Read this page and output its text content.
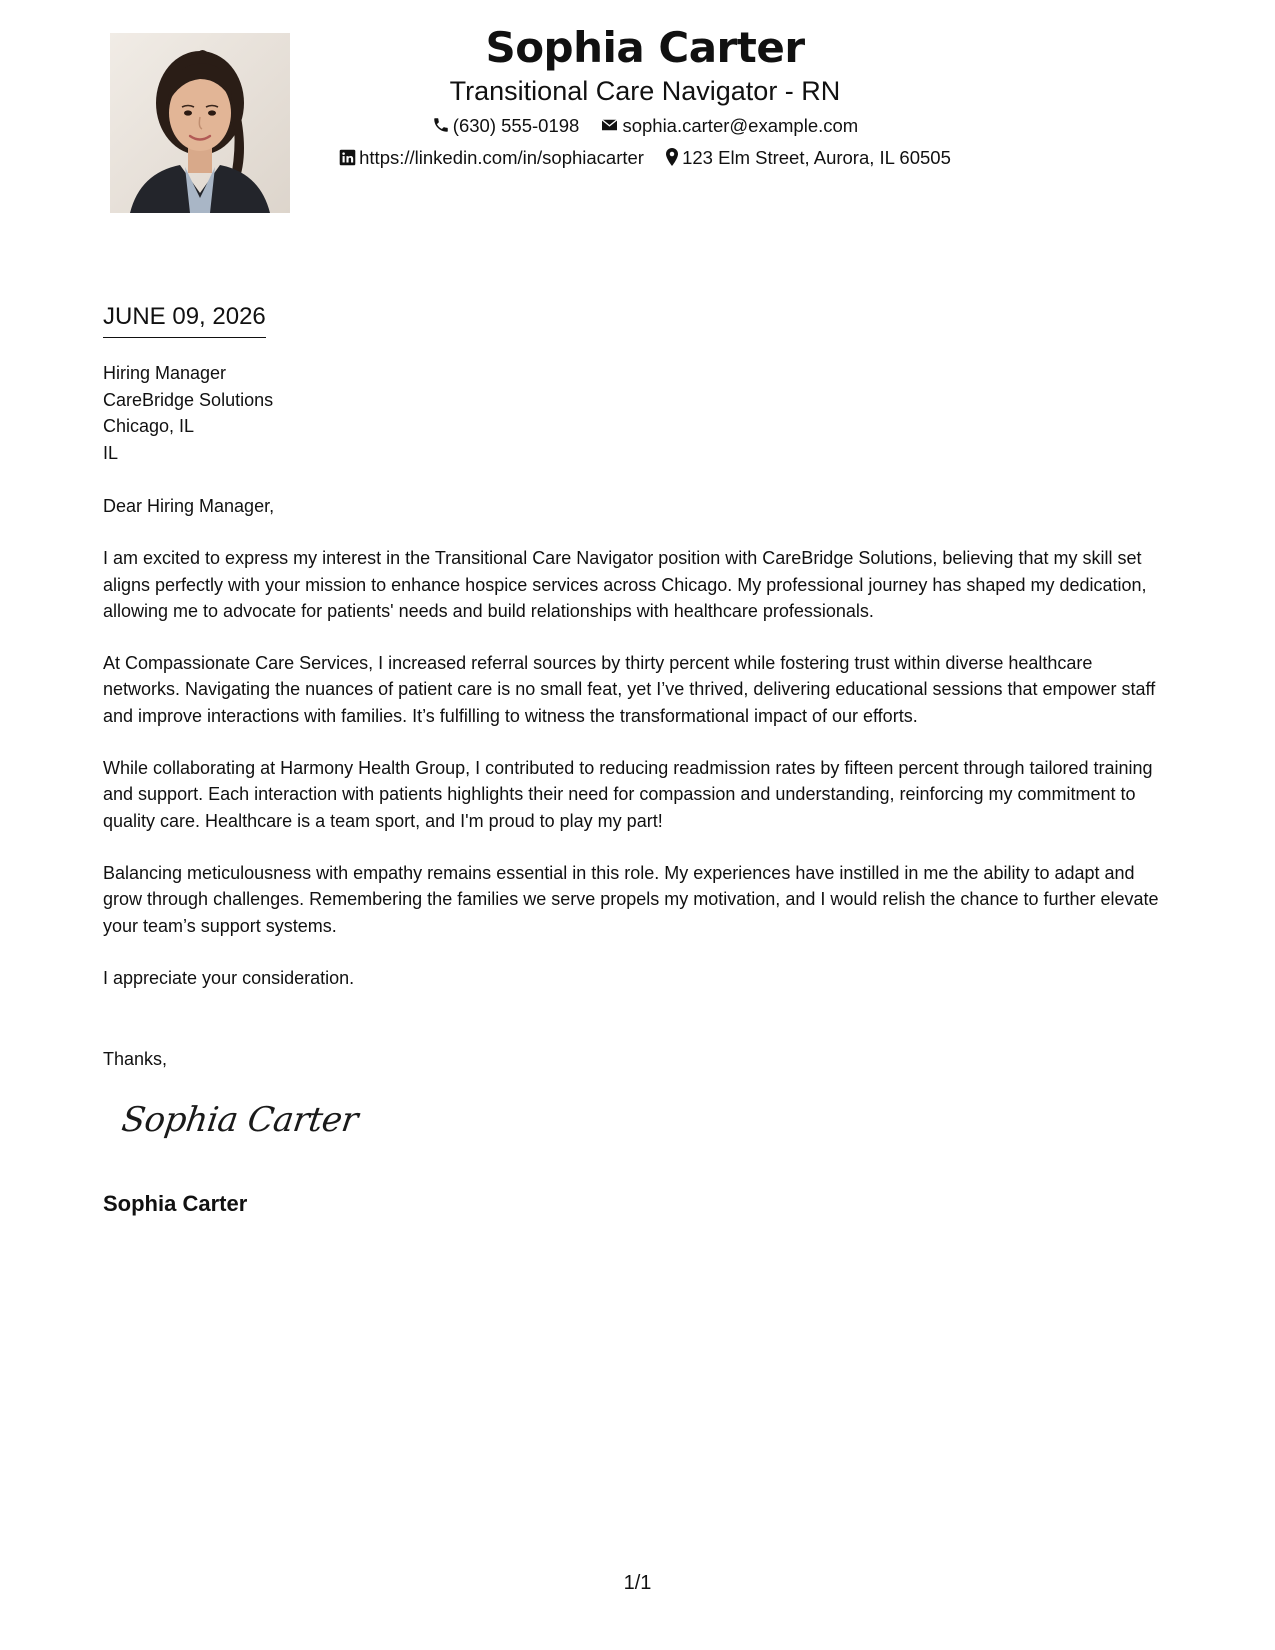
Sophia Carter
Transitional Care Navigator - RN
(630) 555-0198 sophia.carter@example.com
https://linkedin.com/in/sophiacarter 123 Elm Street, Aurora, IL 60505
JUNE 09, 2026
Hiring Manager
CareBridge Solutions
Chicago, IL
IL

Dear Hiring Manager,

I am excited to express my interest in the Transitional Care Navigator position with CareBridge Solutions, believing that my skill set aligns perfectly with your mission to enhance hospice services across Chicago. My professional journey has shaped my dedication, allowing me to advocate for patients' needs and build relationships with healthcare professionals.

At Compassionate Care Services, I increased referral sources by thirty percent while fostering trust within diverse healthcare networks. Navigating the nuances of patient care is no small feat, yet I’ve thrived, delivering educational sessions that empower staff and improve interactions with families. It’s fulfilling to witness the transformational impact of our efforts.

While collaborating at Harmony Health Group, I contributed to reducing readmission rates by fifteen percent through tailored training and support. Each interaction with patients highlights their need for compassion and understanding, reinforcing my commitment to quality care. Healthcare is a team sport, and I'm proud to play my part!

Balancing meticulousness with empathy remains essential in this role. My experiences have instilled in me the ability to adapt and grow through challenges. Remembering the families we serve propels my motivation, and I would relish the chance to further elevate your team’s support systems.

I appreciate your consideration.

Thanks,
Sophia Carter
Sophia Carter
1/1
